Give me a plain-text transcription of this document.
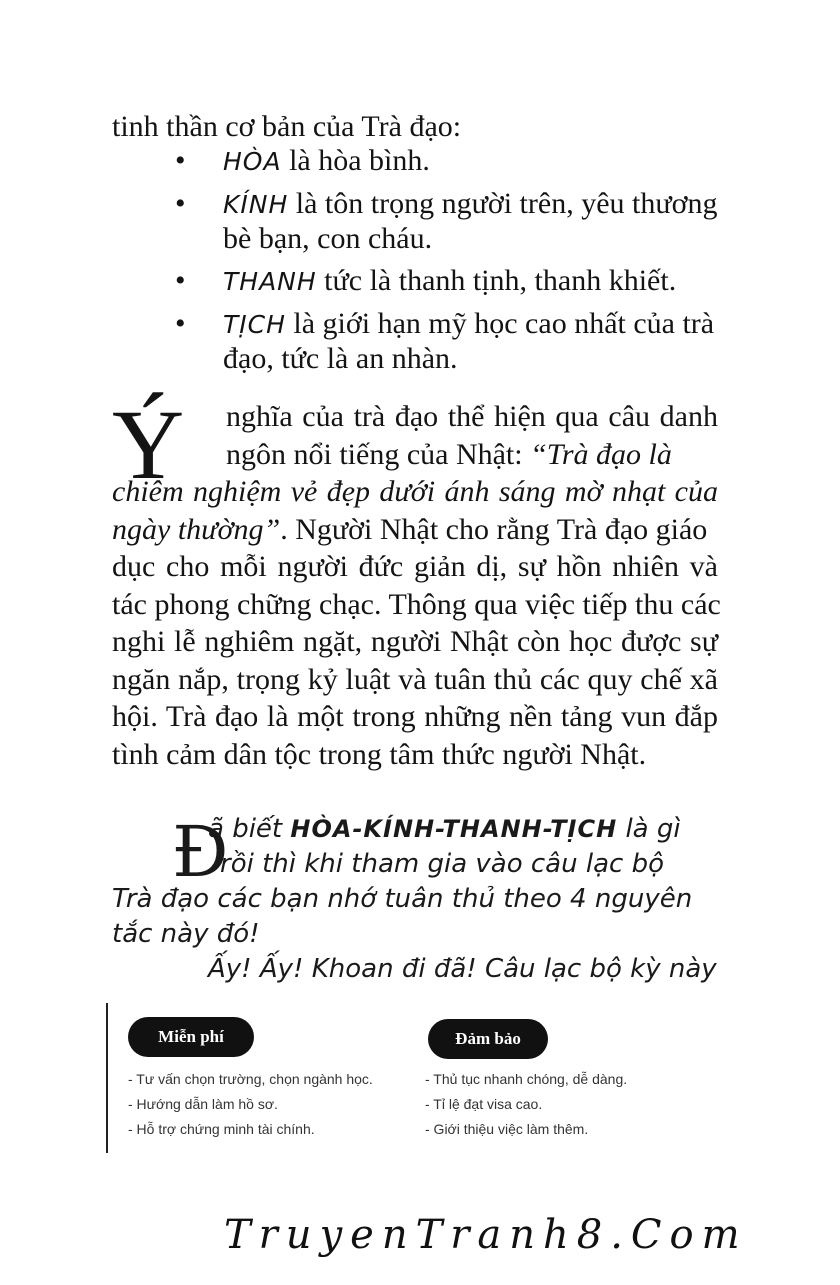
tinh thần cơ bản của Trà đạo:
• HÒA là hòa bình.
• KÍNH là tôn trọng người trên, yêu thương
bè bạn, con cháu.
• THANH tức là thanh tịnh, thanh khiết.
• TỊCH là giới hạn mỹ học cao nhất của trà
đạo, tức là an nhàn.
Ý	nghĩa của trà đạo thể hiện qua câu danh
ngôn nổi tiếng của Nhật: “Trà đạo là
chiêm nghiệm vẻ đẹp dưới ánh sáng mờ nhạt của
ngày thường”. Người Nhật cho rằng Trà đạo giáo
dục cho mỗi người đức giản dị, sự hồn nhiên và
tác phong chững chạc. Thông qua việc tiếp thu các
nghi lễ nghiêm ngặt, người Nhật còn học được sự
ngăn nắp, trọng kỷ luật và tuân thủ các quy chế xã
hội. Trà đạo là một trong những nền tảng vun đắp
tình cảm dân tộc trong tâm thức người Nhật.
Đ
ã biết HÒA-KÍNH-THANH-TỊCH là gì
rồi thì khi tham gia vào câu lạc bộ
Trà đạo các bạn nhớ tuân thủ theo 4 nguyên
tắc này đó!
Ấy! Ấy! Khoan đi đã! Câu lạc bộ kỳ này
Miễn phí	Đảm bảo
- Tư vấn chọn trường, chọn ngành học.
- Hướng dẫn làm hồ sơ.
- Hỗ trợ chứng minh tài chính.
- Thủ tục nhanh chóng, dễ dàng.
- Tỉ lệ đạt visa cao.
- Giới thiệu việc làm thêm.
TruyenTranh8.Com
